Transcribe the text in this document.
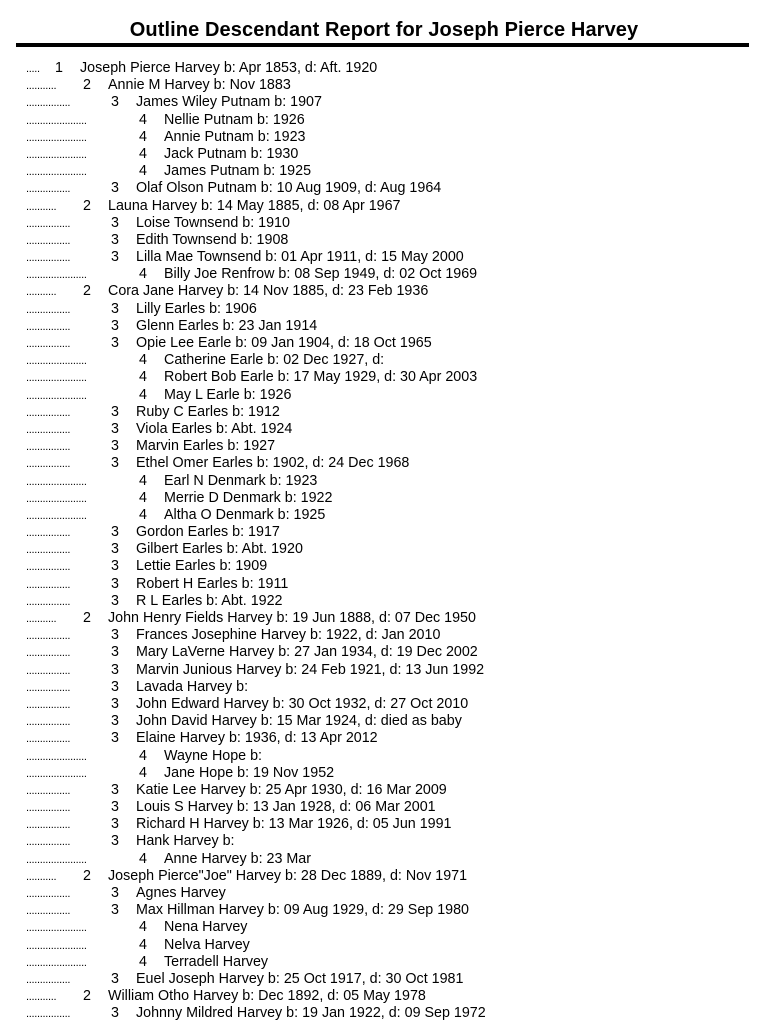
Outline Descendant Report for Joseph Pierce Harvey
.....	1	Joseph Pierce Harvey b: Apr 1853, d: Aft. 1920
...........	2	Annie M Harvey b: Nov 1883
................	3	James Wiley Putnam b: 1907
......................	4	Nellie Putnam b: 1926
......................	4	Annie Putnam b: 1923
......................	4	Jack Putnam b: 1930
......................	4	James Putnam b: 1925
................	3	Olaf Olson Putnam b: 10 Aug 1909, d: Aug 1964
...........	2	Launa Harvey b: 14 May 1885, d: 08 Apr 1967
................	3	Loise Townsend b: 1910
................	3	Edith Townsend b: 1908
................	3	Lilla Mae Townsend b: 01 Apr 1911, d: 15 May 2000
......................	4	Billy Joe Renfrow b: 08 Sep 1949, d: 02 Oct 1969
...........	2	Cora Jane Harvey b: 14 Nov 1885, d: 23 Feb 1936
................	3	Lilly Earles b: 1906
................	3	Glenn Earles b: 23 Jan 1914
................	3	Opie Lee Earle b: 09 Jan 1904, d: 18 Oct 1965
......................	4	Catherine Earle b: 02 Dec 1927, d:
......................	4	Robert Bob Earle b: 17 May 1929, d: 30 Apr 2003
......................	4	May L Earle b: 1926
................	3	Ruby C Earles b: 1912
................	3	Viola Earles b: Abt. 1924
................	3	Marvin Earles b: 1927
................	3	Ethel Omer Earles b: 1902, d: 24 Dec 1968
......................	4	Earl N Denmark b: 1923
......................	4	Merrie D Denmark b: 1922
......................	4	Altha O Denmark b: 1925
................	3	Gordon Earles b: 1917
................	3	Gilbert Earles b: Abt. 1920
................	3	Lettie Earles b: 1909
................	3	Robert H Earles b: 1911
................	3	R L Earles b: Abt. 1922
...........	2	John Henry Fields Harvey b: 19 Jun 1888, d: 07 Dec 1950
................	3	Frances Josephine Harvey b: 1922, d: Jan 2010
................	3	Mary LaVerne Harvey b: 27 Jan 1934, d: 19 Dec 2002
................	3	Marvin Junious Harvey b: 24 Feb 1921, d: 13 Jun 1992
................	3	Lavada Harvey b:
................	3	John Edward Harvey b: 30 Oct 1932, d: 27 Oct 2010
................	3	John David Harvey b: 15 Mar 1924, d: died as baby
................	3	Elaine Harvey b: 1936, d: 13 Apr 2012
......................	4	Wayne Hope b:
......................	4	Jane Hope b: 19 Nov 1952
................	3	Katie Lee Harvey b: 25 Apr 1930, d: 16 Mar 2009
................	3	Louis S Harvey b: 13 Jan 1928, d: 06 Mar 2001
................	3	Richard H Harvey b: 13 Mar 1926, d: 05 Jun 1991
................	3	Hank Harvey b:
......................	4	Anne Harvey b: 23 Mar
...........	2	Joseph Pierce"Joe" Harvey b: 28 Dec 1889, d: Nov 1971
................	3	Agnes Harvey
................	3	Max Hillman Harvey b: 09 Aug 1929, d: 29 Sep 1980
......................	4	Nena Harvey
......................	4	Nelva Harvey
......................	4	Terradell Harvey
................	3	Euel Joseph Harvey b: 25 Oct 1917, d: 30 Oct 1981
...........	2	William Otho Harvey b: Dec 1892, d: 05 May 1978
................	3	Johnny Mildred Harvey b: 19 Jan 1922, d: 09 Sep 1972
